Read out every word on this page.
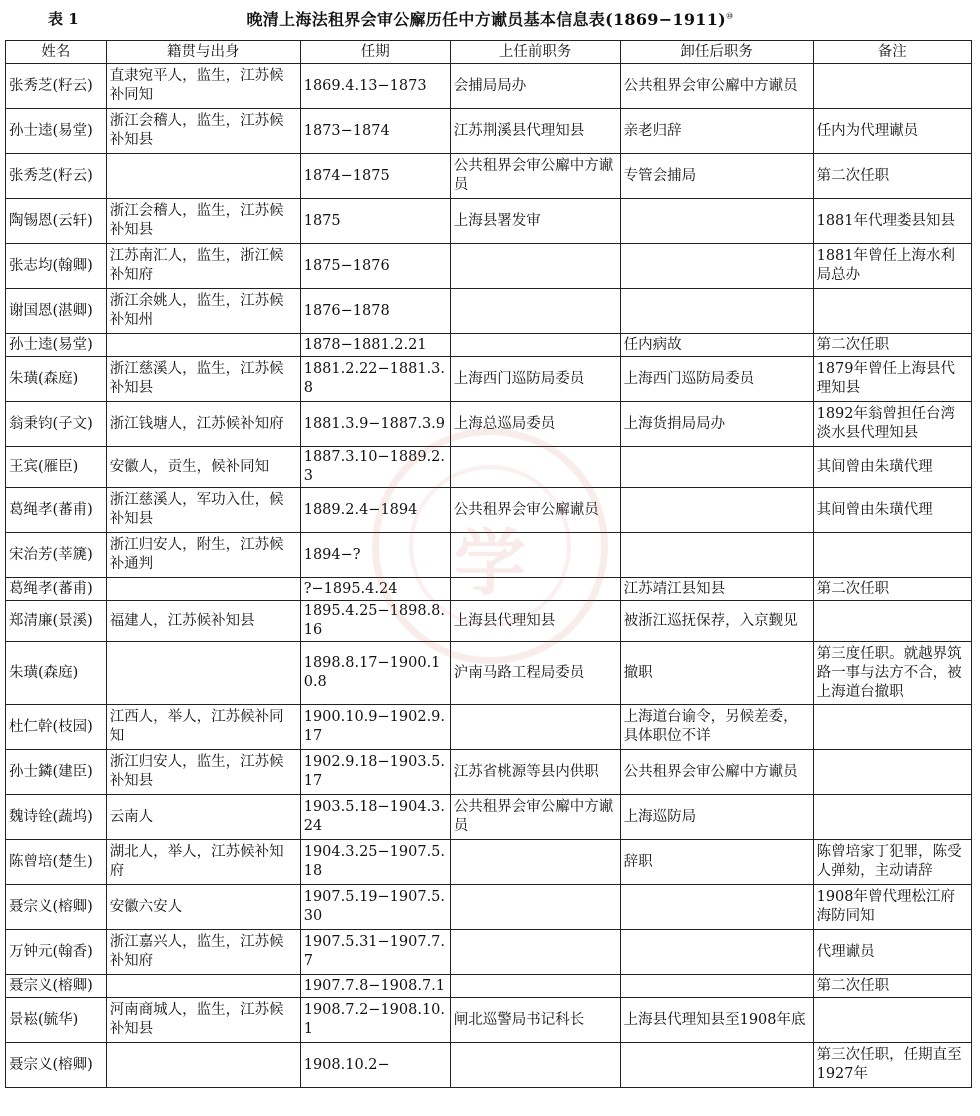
表 1	晚清上海法租界会审公廨历任中方谳员基本信息表(1869−1911)⑩
学
姓名	籍贯与出身	任期	上任前职务	卸任后职务	备注
张秀芝(籽云)	直隶宛平人，监生，江苏候补同知	1869.4.13−1873	会捕局局办	公共租界会审公廨中方谳员	
孙士逵(易堂)	浙江会稽人，监生，江苏候补知县	1873−1874	江苏荆溪县代理知县	亲老归辞	任内为代理谳员
张秀芝(籽云)		1874−1875	公共租界会审公廨中方谳员	专管会捕局	第二次任职
陶锡恩(云轩)	浙江会稽人，监生，江苏候补知县	1875	上海县署发审		1881年代理娄县知县
张志均(翰卿)	江苏南汇人，监生，浙江候补知府	1875−1876			1881年曾任上海水利局总办
谢国恩(湛卿)	浙江余姚人，监生，江苏候补知州	1876−1878			
孙士逵(易堂)		1878−1881.2.21		任内病故	第二次任职
朱璜(森庭)	浙江慈溪人，监生，江苏候补知县	1881.2.22−1881.3.8	上海西门巡防局委员	上海西门巡防局委员	1879年曾任上海县代理知县
翁秉钧(子文)	浙江钱塘人，江苏候补知府	1881.3.9−1887.3.9	上海总巡局委员	上海货捐局局办	1892年翁曾担任台湾淡水县代理知县
王宾(雁臣)	安徽人，贡生，候补同知	1887.3.10−1889.2.3			其间曾由朱璜代理
葛绳孝(蕃甫)	浙江慈溪人，军功入仕，候补知县	1889.2.4−1894	公共租界会审公廨谳员		其间曾由朱璜代理
宋治芳(莘篪)	浙江归安人，附生，江苏候补通判	1894−?			
葛绳孝(蕃甫)		?−1895.4.24		江苏靖江县知县	第二次任职
郑清廉(景溪)	福建人，江苏候补知县	1895.4.25−1898.8.16	上海县代理知县	被浙江巡抚保荐，入京觐见	
朱璜(森庭)		1898.8.17−1900.10.8	沪南马路工程局委员	撤职	第三度任职。就越界筑路一事与法方不合，被上海道台撤职
杜仁幹(枝园)	江西人，举人，江苏候补同知	1900.10.9−1902.9.17		上海道台谕令，另候差委，具体职位不详	
孙士鏻(建臣)	浙江归安人，监生，江苏候补知县	1902.9.18−1903.5.17	江苏省桃源等县内供职	公共租界会审公廨中方谳员	
魏诗铨(蔬坞)	云南人	1903.5.18−1904.3.24	公共租界会审公廨中方谳员	上海巡防局	
陈曾培(楚生)	湖北人，举人，江苏候补知府	1904.3.25−1907.5.18		辞职	陈曾培家丁犯罪，陈受人弹劾，主动请辞
聂宗义(榕卿)	安徽六安人	1907.5.19−1907.5.30			1908年曾代理松江府海防同知
万钟元(翰香)	浙江嘉兴人，监生，江苏候补知府	1907.5.31−1907.7.7			代理谳员
聂宗义(榕卿)		1907.7.8−1908.7.1			第二次任职
景崧(毓华)	河南商城人，监生，江苏候补知县	1908.7.2−1908.10.1	闸北巡警局书记科长	上海县代理知县至1908年底	
聂宗义(榕卿)		1908.10.2−			第三次任职，任期直至1927年
